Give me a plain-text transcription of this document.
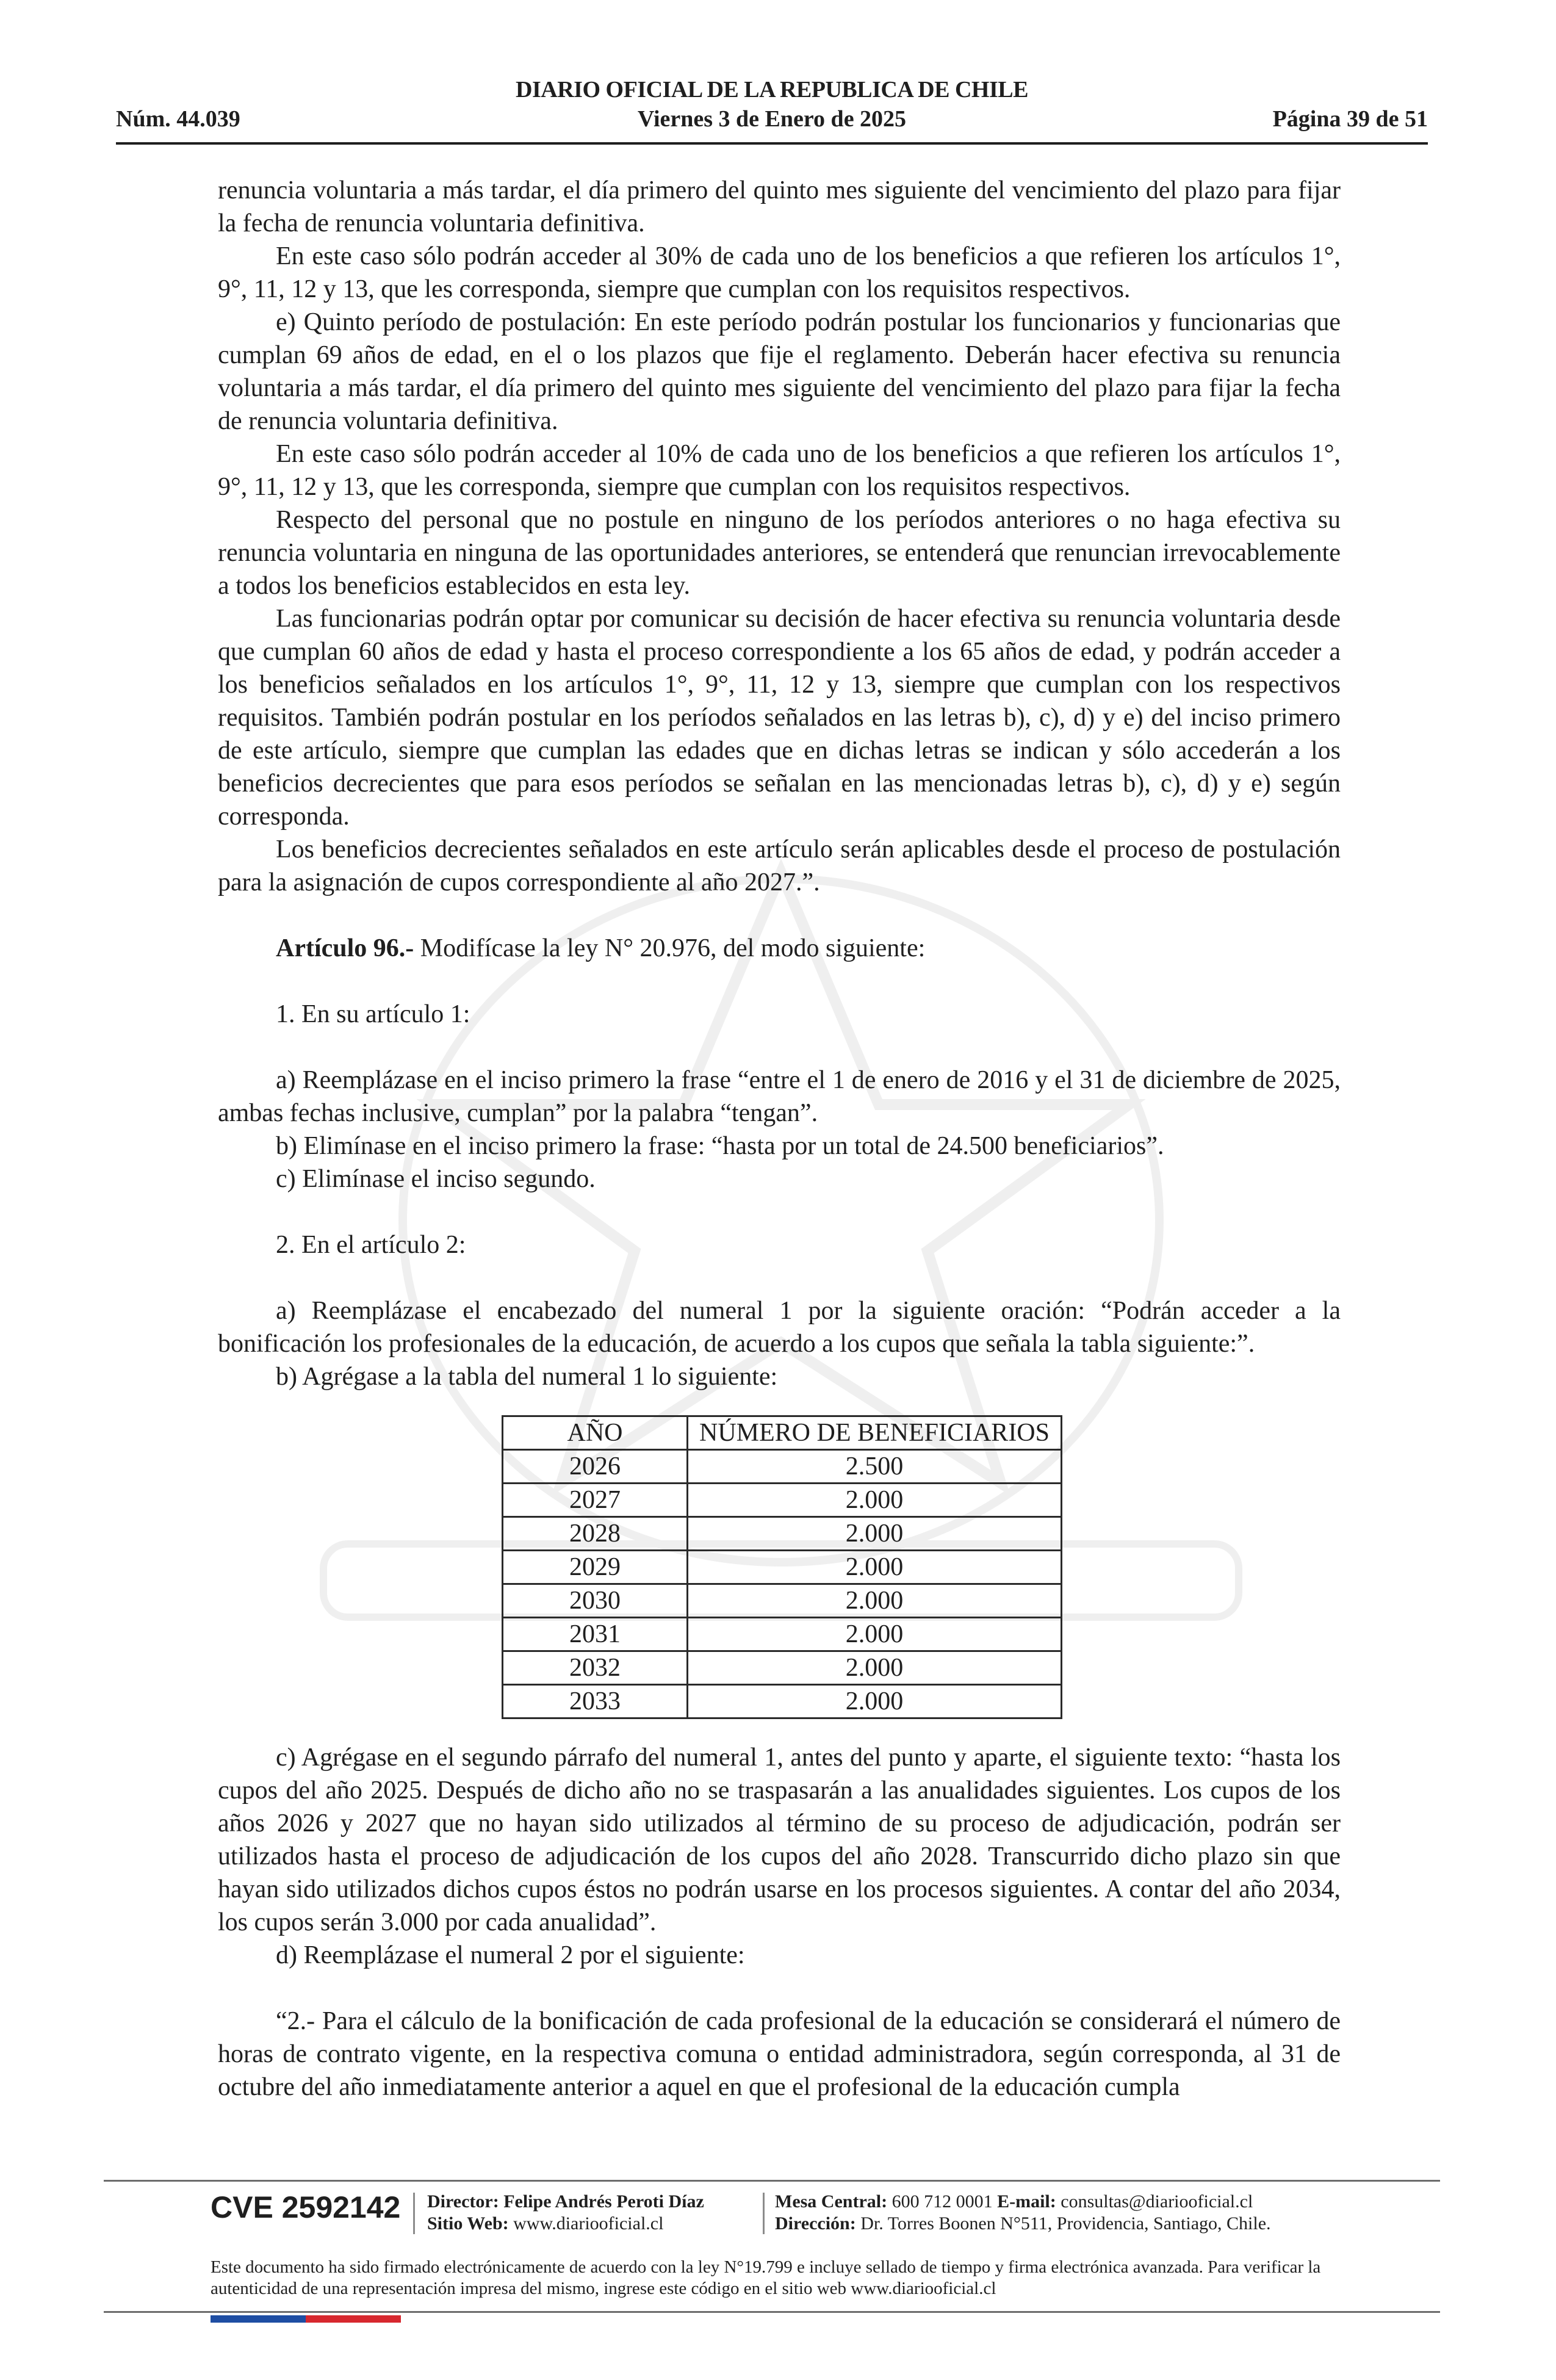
DIARIO OFICIAL DE LA REPUBLICA DE CHILE
Núm. 44.039	Viernes 3 de Enero de 2025	Página 39 de 51

renuncia voluntaria a más tardar, el día primero del quinto mes siguiente del vencimiento del plazo para fijar la fecha de renuncia voluntaria definitiva.

En este caso sólo podrán acceder al 30% de cada uno de los beneficios a que refieren los artículos 1°, 9°, 11, 12 y 13, que les corresponda, siempre que cumplan con los requisitos respectivos.

e) Quinto período de postulación: En este período podrán postular los funcionarios y funcionarias que cumplan 69 años de edad, en el o los plazos que fije el reglamento. Deberán hacer efectiva su renuncia voluntaria a más tardar, el día primero del quinto mes siguiente del vencimiento del plazo para fijar la fecha de renuncia voluntaria definitiva.

En este caso sólo podrán acceder al 10% de cada uno de los beneficios a que refieren los artículos 1°, 9°, 11, 12 y 13, que les corresponda, siempre que cumplan con los requisitos respectivos.

Respecto del personal que no postule en ninguno de los períodos anteriores o no haga efectiva su renuncia voluntaria en ninguna de las oportunidades anteriores, se entenderá que renuncian irrevocablemente a todos los beneficios establecidos en esta ley.

Las funcionarias podrán optar por comunicar su decisión de hacer efectiva su renuncia voluntaria desde que cumplan 60 años de edad y hasta el proceso correspondiente a los 65 años de edad, y podrán acceder a los beneficios señalados en los artículos 1°, 9°, 11, 12 y 13, siempre que cumplan con los respectivos requisitos. También podrán postular en los períodos señalados en las letras b), c), d) y e) del inciso primero de este artículo, siempre que cumplan las edades que en dichas letras se indican y sólo accederán a los beneficios decrecientes que para esos períodos se señalan en las mencionadas letras b), c), d) y e) según corresponda.

Los beneficios decrecientes señalados en este artículo serán aplicables desde el proceso de postulación para la asignación de cupos correspondiente al año 2027.”.

Artículo 96.- Modifícase la ley N° 20.976, del modo siguiente:

1. En su artículo 1:

a) Reemplázase en el inciso primero la frase “entre el 1 de enero de 2016 y el 31 de diciembre de 2025, ambas fechas inclusive, cumplan” por la palabra “tengan”.

b) Elimínase en el inciso primero la frase: “hasta por un total de 24.500 beneficiarios”.

c) Elimínase el inciso segundo.

2. En el artículo 2:

a) Reemplázase el encabezado del numeral 1 por la siguiente oración: “Podrán acceder a la bonificación los profesionales de la educación, de acuerdo a los cupos que señala la tabla siguiente:”.

b) Agrégase a la tabla del numeral 1 lo siguiente:

AÑO	NÚMERO DE BENEFICIARIOS
2026	2.500
2027	2.000
2028	2.000
2029	2.000
2030	2.000
2031	2.000
2032	2.000
2033	2.000

c) Agrégase en el segundo párrafo del numeral 1, antes del punto y aparte, el siguiente texto: “hasta los cupos del año 2025. Después de dicho año no se traspasarán a las anualidades siguientes. Los cupos de los años 2026 y 2027 que no hayan sido utilizados al término de su proceso de adjudicación, podrán ser utilizados hasta el proceso de adjudicación de los cupos del año 2028. Transcurrido dicho plazo sin que hayan sido utilizados dichos cupos éstos no podrán usarse en los procesos siguientes. A contar del año 2034, los cupos serán 3.000 por cada anualidad”.

d) Reemplázase el numeral 2 por el siguiente:

“2.- Para el cálculo de la bonificación de cada profesional de la educación se considerará el número de horas de contrato vigente, en la respectiva comuna o entidad administradora, según corresponda, al 31 de octubre del año inmediatamente anterior a aquel en que el profesional de la educación cumpla

CVE 2592142 Director: Felipe Andrés Peroti Díaz
Sitio Web: www.diariooficial.cl
Mesa Central: 600 712 0001 E-mail: consultas@diariooficial.cl
Dirección: Dr. Torres Boonen N°511, Providencia, Santiago, Chile.
Este documento ha sido firmado electrónicamente de acuerdo con la ley N°19.799 e incluye sellado de tiempo y firma electrónica avanzada. Para verificar la autenticidad de una representación impresa del mismo, ingrese este código en el sitio web www.diariooficial.cl
